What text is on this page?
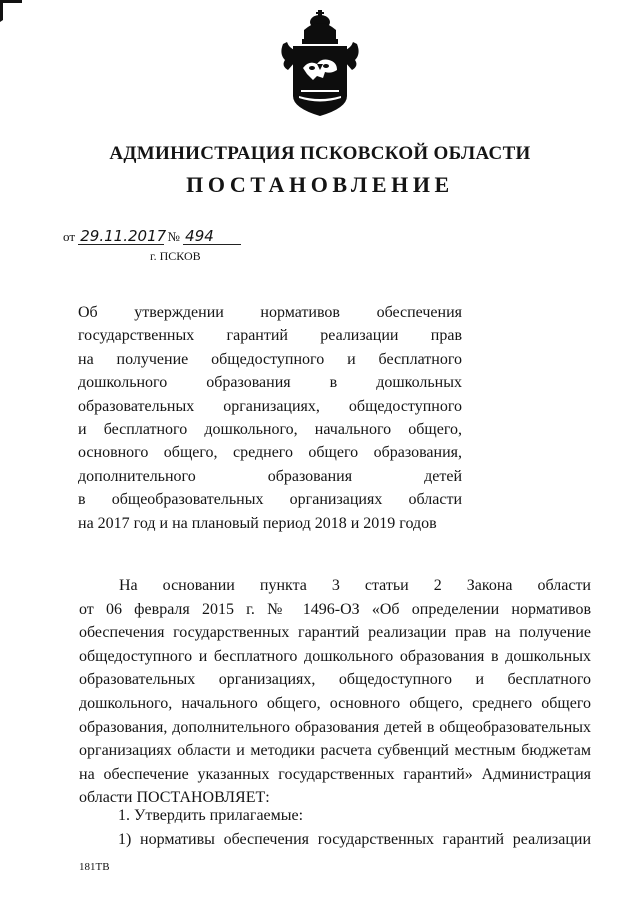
АДМИНИСТРАЦИЯ ПСКОВСКОЙ ОБЛАСТИ
ПОСТАНОВЛЕНИЕ
от 29.11.2017 № 494
г. ПСКОВ
Об утверждении нормативов обеспечения
государственных гарантий реализации прав
на получение общедоступного и бесплатного
дошкольного образования в дошкольных
образовательных организациях, общедоступного
и бесплатного дошкольного, начального общего,
основного общего, среднего общего образования,
дополнительного образования детей
в общеобразовательных организациях области
на 2017 год и на плановый период 2018 и 2019 годов
На основании пункта 3 статьи 2 Закона области
от 06 февраля 2015 г. № 1496-ОЗ «Об определении нормативов
обеспечения государственных гарантий реализации прав на получение
общедоступного и бесплатного дошкольного образования в дошкольных
образовательных организациях, общедоступного и бесплатного
дошкольного, начального общего, основного общего, среднего общего
образования, дополнительного образования детей в общеобразовательных
организациях области и методики расчета субвенций местным бюджетам
на обеспечение указанных государственных гарантий» Администрация
области ПОСТАНОВЛЯЕТ:
1. Утвердить прилагаемые:
1) нормативы обеспечения государственных гарантий реализации
181ТВ
